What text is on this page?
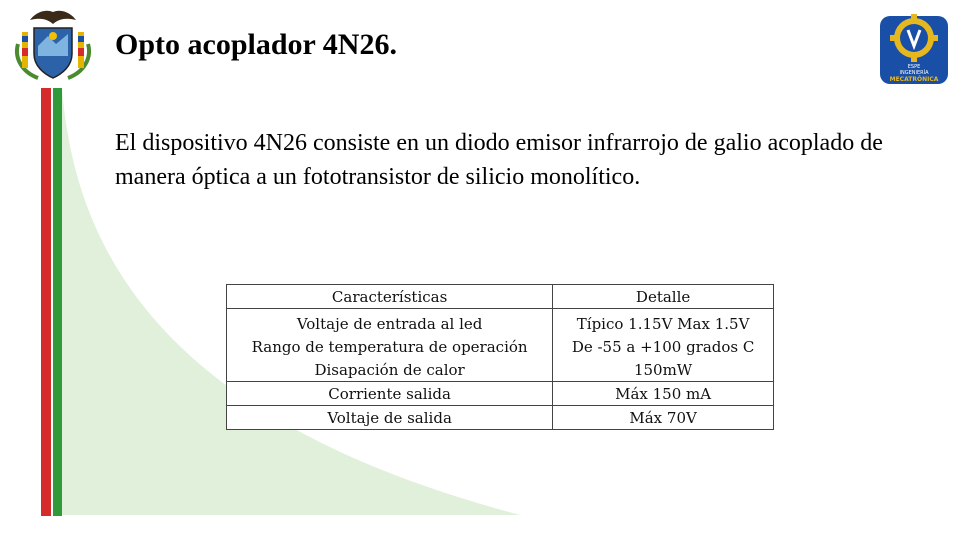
ESPE
INGENIERÍA
MECATRÓNICA
Opto acoplador 4N26.

El dispositivo 4N26 consiste en un diodo emisor infrarrojo de galio acoplado de manera óptica a un fototransistor de silicio monolítico.

Características	Detalle

Voltaje de entrada al led	Típico 1.15V Max 1.5V
Rango de temperatura de operación	De -55 a +100 grados C
Disapación de calor	150mW
Corriente salida	Máx 150 mA
Voltaje de salida	Máx 70V
